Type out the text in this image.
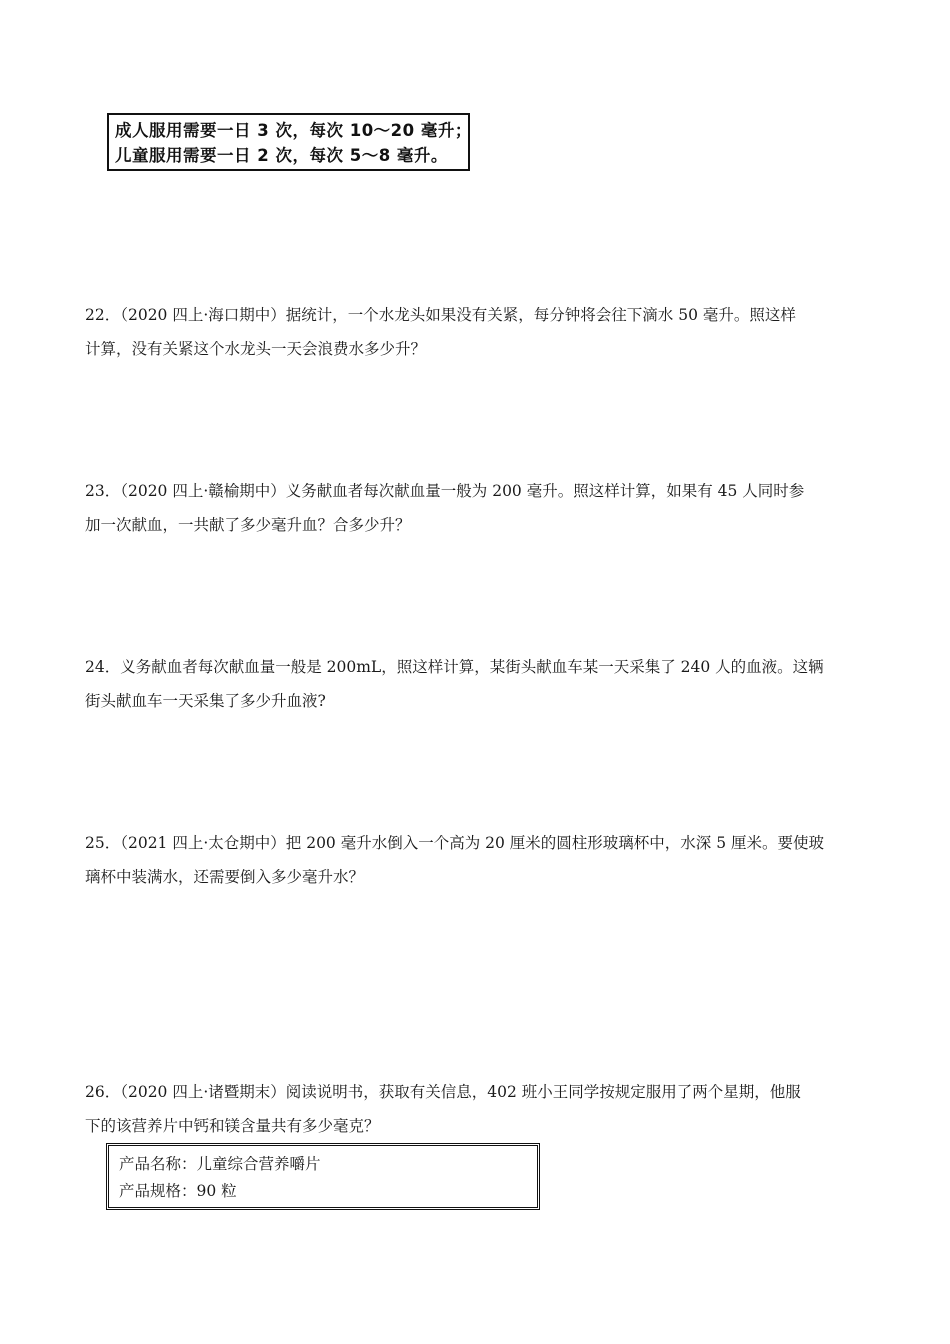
成人服用需要一日 3 次，每次 10～20 毫升；
儿童服用需要一日 2 次，每次 5～8 毫升。
22．（2020 四上·海口期中）据统计，一个水龙头如果没有关紧，每分钟将会往下滴水 50 毫升。照这样
计算，没有关紧这个水龙头一天会浪费水多少升？
23．（2020 四上·赣榆期中）义务献血者每次献血量一般为 200 毫升。照这样计算，如果有 45 人同时参
加一次献血，一共献了多少毫升血？合多少升？
24．义务献血者每次献血量一般是 200mL，照这样计算，某街头献血车某一天采集了 240 人的血液。这辆
街头献血车一天采集了多少升血液?
25．（2021 四上·太仓期中）把 200 毫升水倒入一个高为 20 厘米的圆柱形玻璃杯中，水深 5 厘米。要使玻
璃杯中装满水，还需要倒入多少毫升水？
26．（2020 四上·诸暨期末）阅读说明书，获取有关信息，402 班小王同学按规定服用了两个星期，他服
下的该营养片中钙和镁含量共有多少毫克？
产品名称：儿童综合营养嚼片
产品规格：90 粒
